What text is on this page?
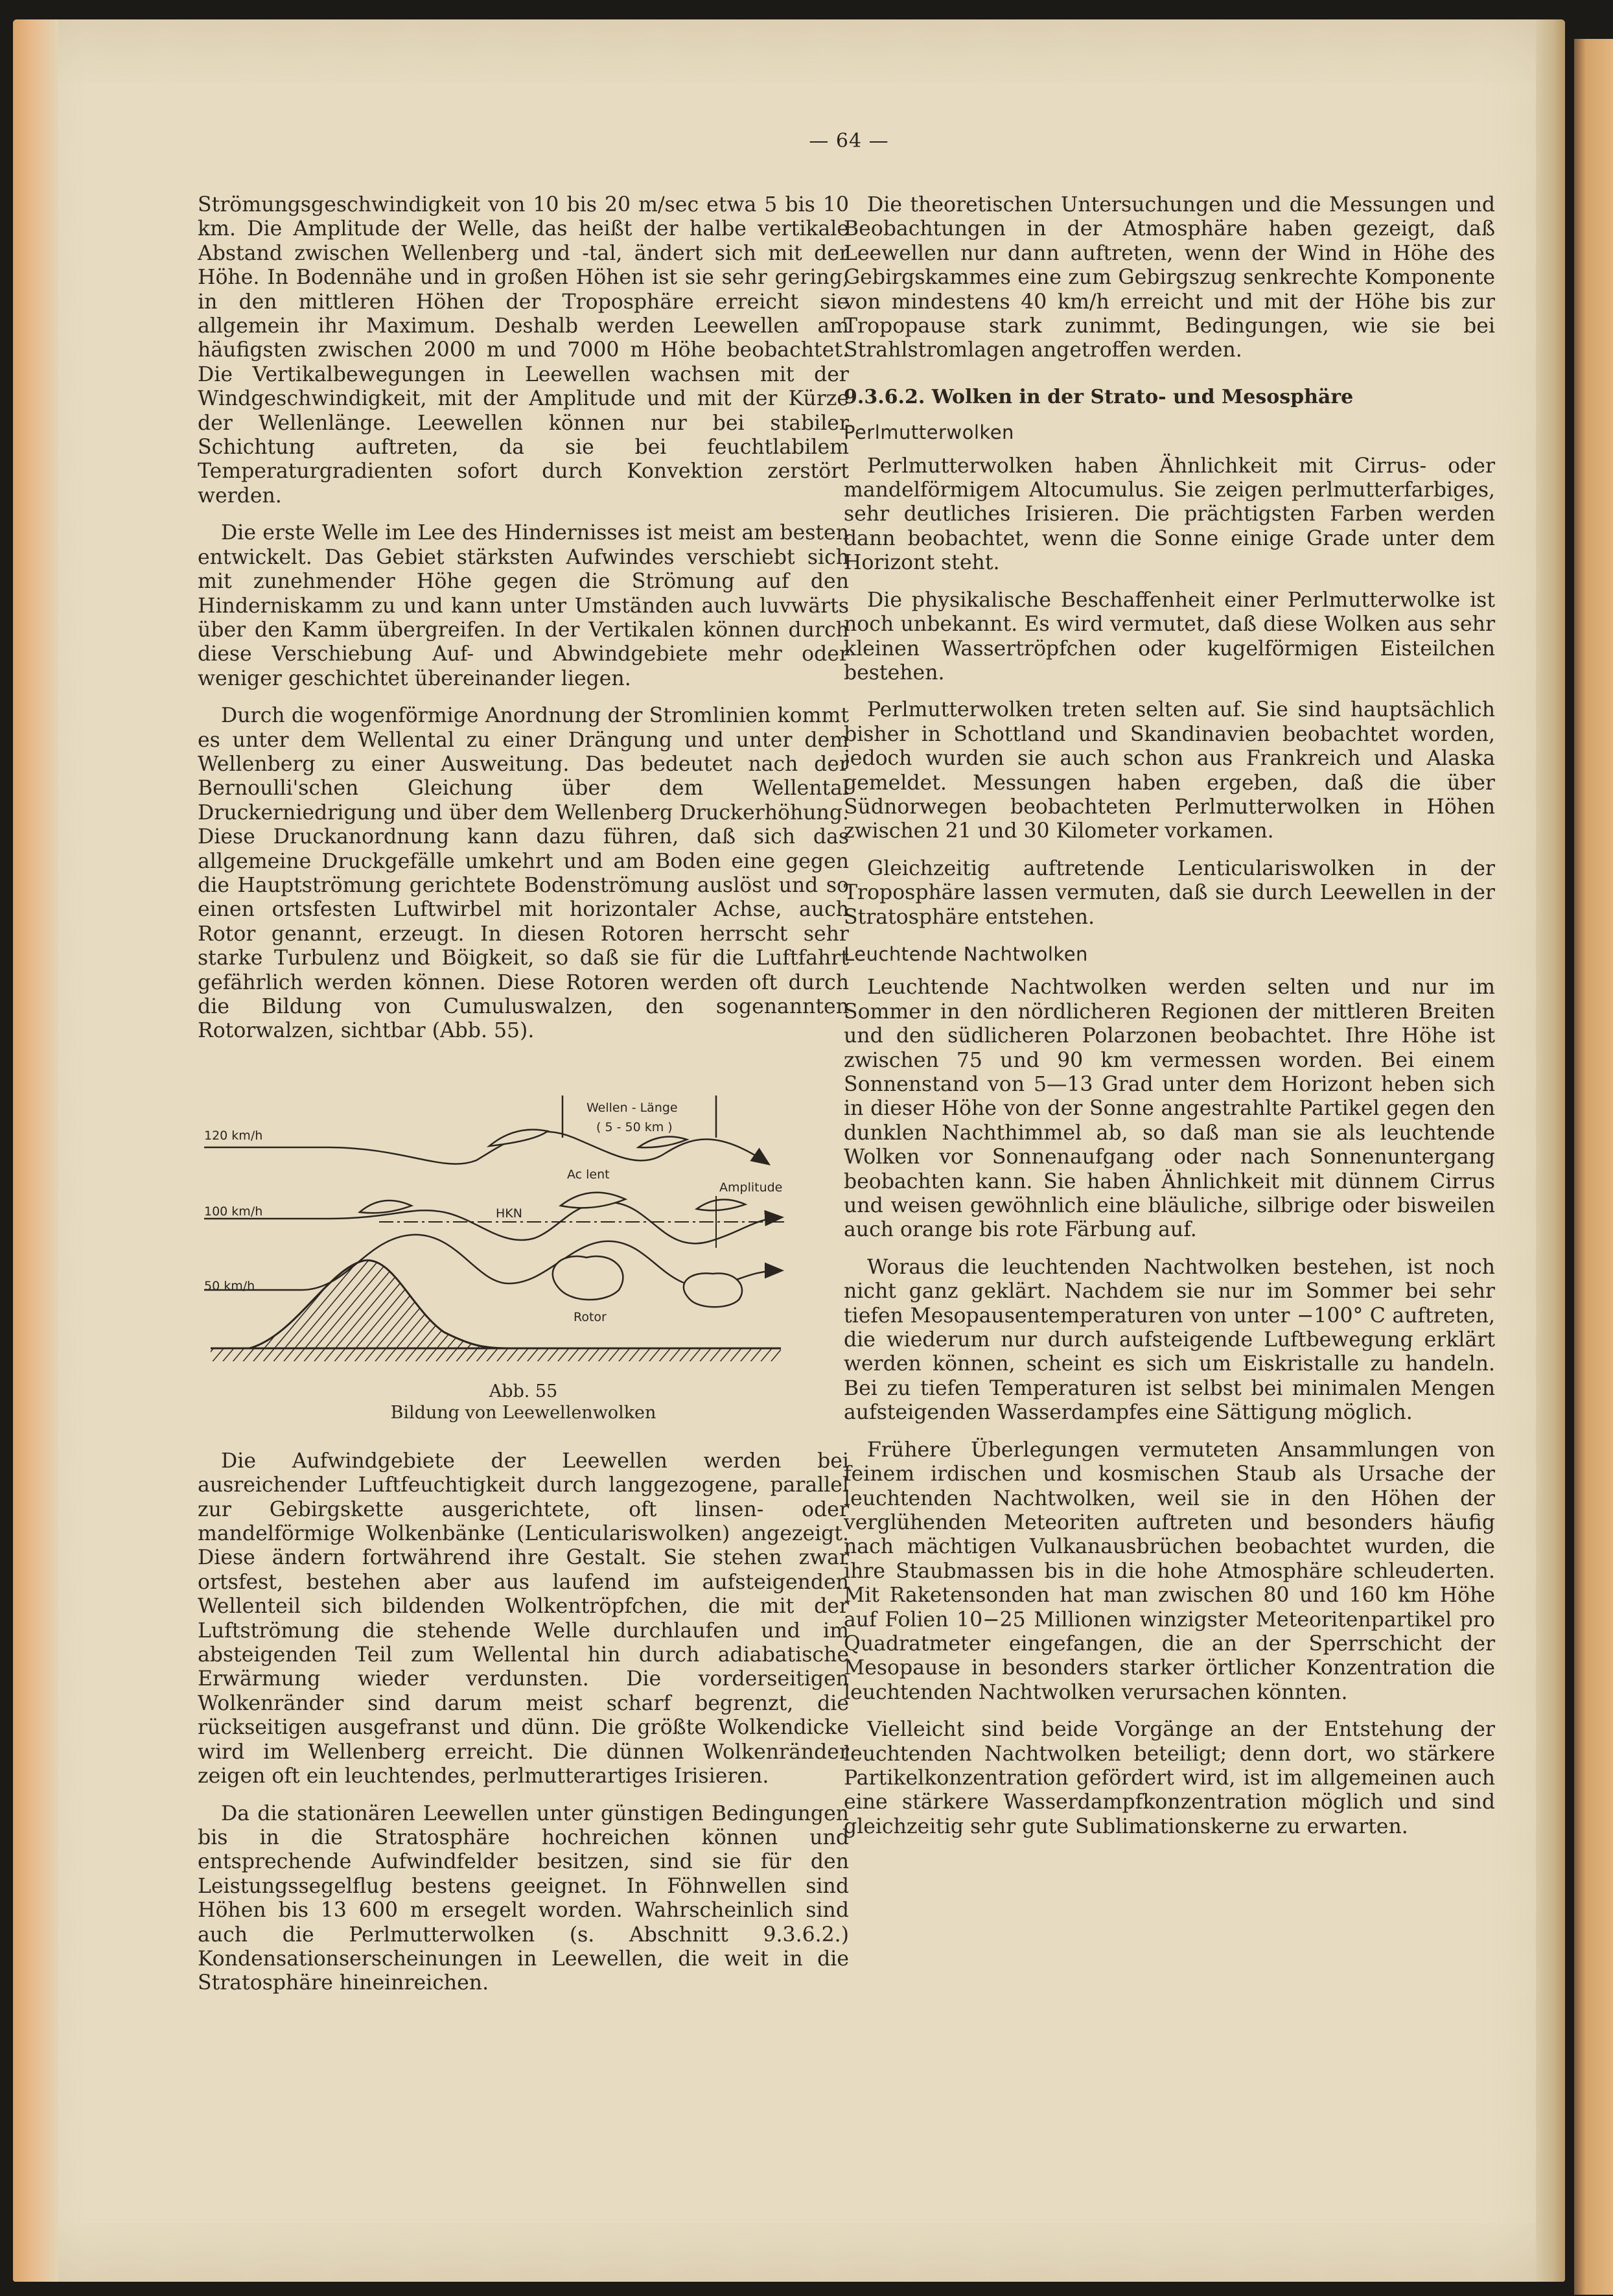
— 64 —

Strömungsgeschwindigkeit von 10 bis 20 m/sec etwa 5 bis 10 km. Die Amplitude der Welle, das heißt der halbe vertikale Abstand zwischen Wellenberg und -tal, ändert sich mit der Höhe. In Bodennähe und in großen Höhen ist sie sehr gering, in den mittleren Höhen der Troposphäre erreicht sie allgemein ihr Maximum. Deshalb werden Leewellen am häufigsten zwischen 2000 m und 7000 m Höhe beobachtet. Die Vertikalbewegungen in Leewellen wachsen mit der Windgeschwindigkeit, mit der Amplitude und mit der Kürze der Wellenlänge. Leewellen können nur bei stabiler Schichtung auftreten, da sie bei feuchtlabilem Temperaturgradienten sofort durch Konvektion zerstört werden.

Die erste Welle im Lee des Hindernisses ist meist am besten entwickelt. Das Gebiet stärksten Aufwindes verschiebt sich mit zunehmender Höhe gegen die Strömung auf den Hinderniskamm zu und kann unter Umständen auch luvwärts über den Kamm übergreifen. In der Vertikalen können durch diese Verschiebung Auf- und Abwindgebiete mehr oder weniger geschichtet übereinander liegen.

Durch die wogenförmige Anordnung der Stromlinien kommt es unter dem Wellental zu einer Drängung und unter dem Wellenberg zu einer Ausweitung. Das bedeutet nach der Bernoulli'schen Gleichung über dem Wellental Druckerniedrigung und über dem Wellenberg Druckerhöhung. Diese Druckanordnung kann dazu führen, daß sich das allgemeine Druckgefälle umkehrt und am Boden eine gegen die Hauptströmung gerichtete Bodenströmung auslöst und so einen ortsfesten Luftwirbel mit horizontaler Achse, auch Rotor genannt, erzeugt. In diesen Rotoren herrscht sehr starke Turbulenz und Böigkeit, so daß sie für die Luftfahrt gefährlich werden können. Diese Rotoren werden oft durch die Bildung von Cumuluswalzen, den sogenannten Rotorwalzen, sichtbar (Abb. 55).

Wellen - Länge
( 5 - 50 km )
120 km/h
100 km/h
50 km/h
Ac lent
HKN
Amplitude
Rotor
Abb. 55
Bildung von Leewellenwolken

Die Aufwindgebiete der Leewellen werden bei ausreichender Luftfeuchtigkeit durch langgezogene, parallel zur Gebirgskette ausgerichtete, oft linsen- oder mandelförmige Wolkenbänke (Lenticulariswolken) angezeigt. Diese ändern fortwährend ihre Gestalt. Sie stehen zwar ortsfest, bestehen aber aus laufend im aufsteigenden Wellenteil sich bildenden Wolkentröpfchen, die mit der Luftströmung die stehende Welle durchlaufen und im absteigenden Teil zum Wellental hin durch adiabatische Erwärmung wieder verdunsten. Die vorderseitigen Wolkenränder sind darum meist scharf begrenzt, die rückseitigen ausgefranst und dünn. Die größte Wolkendicke wird im Wellenberg erreicht. Die dünnen Wolkenränder zeigen oft ein leuchtendes, perlmutterartiges Irisieren.

Da die stationären Leewellen unter günstigen Bedingungen bis in die Stratosphäre hochreichen können und entsprechende Aufwindfelder besitzen, sind sie für den Leistungssegelflug bestens geeignet. In Föhnwellen sind Höhen bis 13 600 m ersegelt worden. Wahrscheinlich sind auch die Perlmutterwolken (s. Abschnitt 9.3.6.2.) Kondensationserscheinungen in Leewellen, die weit in die Stratosphäre hineinreichen.

Die theoretischen Untersuchungen und die Messungen und Beobachtungen in der Atmosphäre haben gezeigt, daß Leewellen nur dann auftreten, wenn der Wind in Höhe des Gebirgskammes eine zum Gebirgszug senkrechte Komponente von mindestens 40 km/h erreicht und mit der Höhe bis zur Tropopause stark zunimmt, Bedingungen, wie sie bei Strahlstromlagen angetroffen werden.

9.3.6.2. Wolken in der Strato- und Mesosphäre
Perlmutterwolken

Perlmutterwolken haben Ähnlichkeit mit Cirrus- oder mandelförmigem Altocumulus. Sie zeigen perlmutterfarbiges, sehr deutliches Irisieren. Die prächtigsten Farben werden dann beobachtet, wenn die Sonne einige Grade unter dem Horizont steht.

Die physikalische Beschaffenheit einer Perlmutterwolke ist noch unbekannt. Es wird vermutet, daß diese Wolken aus sehr kleinen Wassertröpfchen oder kugelförmigen Eisteilchen bestehen.

Perlmutterwolken treten selten auf. Sie sind hauptsächlich bisher in Schottland und Skandinavien beobachtet worden, jedoch wurden sie auch schon aus Frankreich und Alaska gemeldet. Messungen haben ergeben, daß die über Südnorwegen beobachteten Perlmutterwolken in Höhen zwischen 21 und 30 Kilometer vorkamen.

Gleichzeitig auftretende Lenticulariswolken in der Troposphäre lassen vermuten, daß sie durch Leewellen in der Stratosphäre entstehen.

Leuchtende Nachtwolken

Leuchtende Nachtwolken werden selten und nur im Sommer in den nördlicheren Regionen der mittleren Breiten und den südlicheren Polarzonen beobachtet. Ihre Höhe ist zwischen 75 und 90 km vermessen worden. Bei einem Sonnenstand von 5—13 Grad unter dem Horizont heben sich in dieser Höhe von der Sonne angestrahlte Partikel gegen den dunklen Nachthimmel ab, so daß man sie als leuchtende Wolken vor Sonnenaufgang oder nach Sonnenuntergang beobachten kann. Sie haben Ähnlichkeit mit dünnem Cirrus und weisen gewöhnlich eine bläuliche, silbrige oder bisweilen auch orange bis rote Färbung auf.

Woraus die leuchtenden Nachtwolken bestehen, ist noch nicht ganz geklärt. Nachdem sie nur im Sommer bei sehr tiefen Mesopausentemperaturen von unter −100° C auftreten, die wiederum nur durch aufsteigende Luftbewegung erklärt werden können, scheint es sich um Eiskristalle zu handeln. Bei zu tiefen Temperaturen ist selbst bei minimalen Mengen aufsteigenden Wasserdampfes eine Sättigung möglich.

Frühere Überlegungen vermuteten Ansammlungen von feinem irdischen und kosmischen Staub als Ursache der leuchtenden Nachtwolken, weil sie in den Höhen der verglühenden Meteoriten auftreten und besonders häufig nach mächtigen Vulkanausbrüchen beobachtet wurden, die ihre Staubmassen bis in die hohe Atmosphäre schleuderten. Mit Raketensonden hat man zwischen 80 und 160 km Höhe auf Folien 10−25 Millionen winzigster Meteoritenpartikel pro Quadratmeter eingefangen, die an der Sperrschicht der Mesopause in besonders starker örtlicher Konzentration die leuchtenden Nachtwolken verursachen könnten.

Vielleicht sind beide Vorgänge an der Entstehung der leuchtenden Nachtwolken beteiligt; denn dort, wo stärkere Partikelkonzentration gefördert wird, ist im allgemeinen auch eine stärkere Wasserdampfkonzentration möglich und sind gleichzeitig sehr gute Sublimationskerne zu erwarten.
